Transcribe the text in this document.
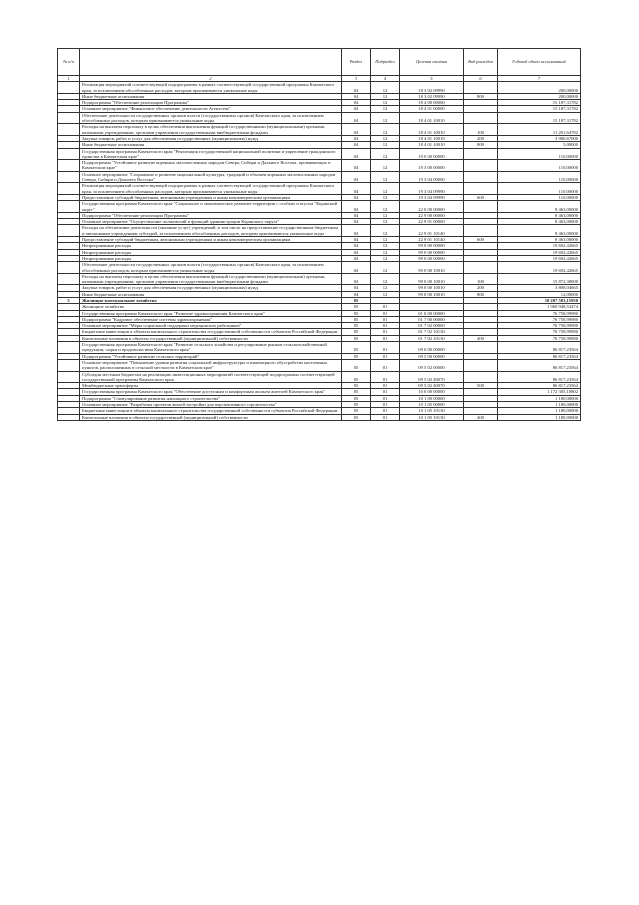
№ п/п		Раздел	Подраздел	Целевая статья	Вид расходов	Годовой объем ассигнований
1	2	3	4	5	6	7
	Реализация мероприятий соответствующей подпрограммы в рамках соответствующей государственной программы Камчатского края, за исключением обособленных расходов, которым присваиваются уникальные коды	04	12	18 3 02 09990		200,00000
	Иные бюджетные ассигнования	04	12	18 3 02 09990	800	200,00000
	Подпрограмма "Обеспечение реализации Программы"	04	12	18 4 00 00000		15 187,31782
	Основное мероприятие "Финансовое обеспечение деятельности Агентства"	04	12	18 4 01 00000		15 187,31782
	Обеспечение деятельности государственных органов власти (государственных органов) Камчатского края, за исключением обособленных расходов, которым присваиваются уникальные коды.	04	12	18 4 01 10010		15 187,31782
	Расходы на выплаты персоналу в целях обеспечения выполнения функций государственными (муниципальными) органами, казенными учреждениями, органами управления государственными внебюджетными фондами	04	12	18 4 01 10010	100	11 201,64782
	Закупка товаров, работ и услуг для обеспечения государственных (муниципальных) нужд	04	12	18 4 01 10010	200	3 980,67000
	Иные бюджетные ассигнования	04	12	18 4 01 10010	800	5,00000
	Государственная программа Камчатского края "Реализация государственной национальной политики и укрепление гражданского единства в Камчатском крае"	04	12	19 0 00 00000		110,00000
	Подпрограмма "Устойчивое развитие коренных малочисленных народов Севера, Сибири и Дальнего Востока, проживающих в Камчатском крае"	04	12	19 3 00 00000		110,00000
	Основное мероприятие "Сохранение и развитие национальной культуры, традиций и обычаев коренных малочисленных народов Севера, Сибири и Дальнего Востока"	04	12	19 3 04 00000		110,00000
	Реализация мероприятий соответствующей подпрограммы в рамках соответствующей государственной программы Камчатского края, за исключением обособленных расходов, которым присваиваются уникальные коды	04	12	19 3 04 09990		110,00000
	Предоставление субсидий бюджетным, автономным учреждениям и иным некоммерческим организациям	04	12	19 3 04 09990	600	110,00000
	Государственная программа Камчатского края "Социальное и экономическое развитие территории с особым статусом "Корякский округ"	04	12	22 0 00 00000		8 463,00000
	Подпрограмма "Обеспечение реализации Программы"	04	12	22 9 00 00000		8 463,00000
	Основное мероприятие "Осуществление полномочий и функций администрации Корякского округа"	04	12	22 9 01 00000		8 463,00000
	Расходы на обеспечение деятельности (оказание услуг) учреждений, в том числе на предоставление государственным бюджетным и автономным учреждениям субсидий, за исключением обособленных расходов, которым присваиваются уникальные коды	04	12	22 9 01 10140		8 463,00000
	Предоставление субсидий бюджетным, автономным учреждениям и иным некоммерческим организациям	04	12	22 9 01 10140	600	8 463,00000
	Непрограммные расходы	04	12	99 0 00 00000		19 692,42665
	Непрограммные расходы	04	12	99 0 00 00000		19 692,42665
	Непрограммные расходы	04	12	99 0 00 00000		19 692,42665
	Обеспечение деятельности государственных органов власти (государственных органов) Камчатского края, за исключением обособленных расходов, которым присваиваются уникальные коды.	04	12	99 0 00 10010		19 692,42665
	Расходы на выплаты персоналу в целях обеспечения выполнения функций государственными (муниципальными) органами, казенными учреждениями, органами управления государственными внебюджетными фондами	04	12	99 0 00 10010	100	15 872,38000
	Закупка товаров, работ и услуг для обеспечения государственных (муниципальных) нужд	04	12	99 0 00 10010	200	3 808,04665
	Иные бюджетные ассигнования	04	12	99 0 00 10010	800	12,00000
5	Жилищно-коммунальное хозяйство	05				10 207 583,15950
	Жилищное хозяйство	05	01			1 960 948,53474
	Государственная программа Камчатского края "Развитие здравоохранения Камчатского края"	05	01	01 0 00 00000		76 758,99980
	Подпрограмма "Кадровое обеспечение системы здравоохранения"	05	01	01 7 00 00000		76 758,99980
	Основное мероприятие "Меры социальной поддержки медицинских работников"	05	01	01 7 02 00000		76 758,99980
	Бюджетные инвестиции в объекты капитального строительства государственной собственности субъектов Российской Федерации	05	01	01 7 02 10130		76 758,99980
	Капитальные вложения в объекты государственной (муниципальной) собственности	05	01	01 7 02 10130	400	76 758,99980
	Государственная программа Камчатского края "Развитие сельского хозяйства и регулирование рынков сельскохозяйственной продукции, сырья и продовольствия Камчатского края"	05	01	09 0 00 00000		86 817,23564
	Подпрограмма "Устойчивое развитие сельских территорий"	05	01	09 5 00 00000		86 817,23564
	Основное мероприятие "Повышение уровня развития социальной инфраструктуры и инженерного обустройства населенных пунктов, расположенных в сельской местности в Камчатском крае"	05	01	09 5 02 00000		86 817,23564
	Субсидии местным бюджетам на реализацию инвестиционных мероприятий соответствующей подпрограммы соответствующей государственной программы Камчатского края	05	01	09 5 02 40070		86 817,23564
	Межбюджетные трансферты	05	01	09 5 02 40070	500	86 817,23564
	Государственная программа Камчатского края "Обеспечение доступным и комфортным жильем жителей Камчатского края"	05	01	10 0 00 00000		1 172 305,10802
	Подпрограмма "Стимулирование развития жилищного строительства"	05	01	10 1 00 00000		1 180,00000
	Основное мероприятие "Разработка проектов жилой застройки для перспективного строительства"	05	01	10 1 05 00000		1 180,00000
	Бюджетные инвестиции в объекты капитального строительства государственной собственности субъектов Российской Федерации	05	01	10 1 05 10130		1 180,00000
	Капитальные вложения в объекты государственной (муниципальной) собственности	05	01	10 1 05 10130	400	1 180,00000
